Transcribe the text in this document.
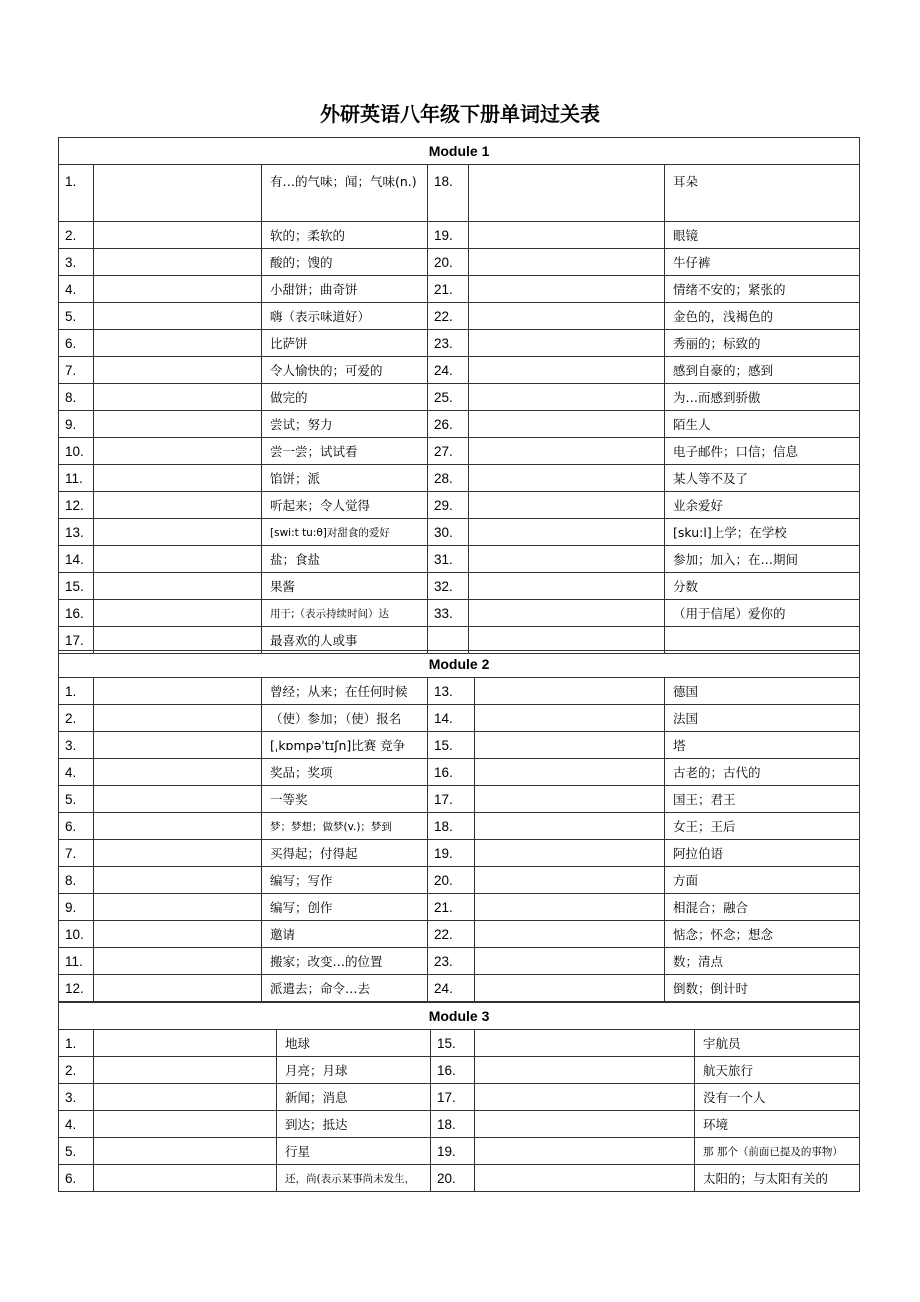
外研英语八年级下册单词过关表
Module 1					
1.		有…的气味；闻；气味(n.)	18.		耳朵
2.		软的；柔软的	19.		眼镜
3.		酸的；馊的	20.		牛仔裤
4.		小甜饼；曲奇饼	21.		情绪不安的；紧张的
5.		嗨（表示味道好）	22.		金色的，浅褐色的
6.		比萨饼	23.		秀丽的；标致的
7.		令人愉快的；可爱的	24.		感到自豪的；感到
8.		做完的	25.		为…而感到骄傲
9.		尝试；努力	26.		陌生人
10.		尝一尝；试试看	27.		电子邮件；口信；信息
11.		馅饼；派	28.		某人等不及了
12.		听起来；令人觉得	29.		业余爱好
13.		[swi:t tu:θ]对甜食的爱好	30.		[sku:l]上学；在学校
14.		盐；食盐	31.		参加；加入；在…期间
15.		果酱	32.		分数
16.		用于;（表示持续时间）达	33.		（用于信尾）爱你的
17.		最喜欢的人或事			
Module 2					
1.		曾经；从来；在任何时候	13.		德国
2.		（使）参加；（使）报名	14.		法国
3.		[ˌkɒmpəˈtɪʃn]比赛 竞争	15.		塔
4.		奖品；奖项	16.		古老的；古代的
5.		一等奖	17.		国王；君王
6.		梦；梦想；做梦(v.)；梦到	18.		女王；王后
7.		买得起；付得起	19.		阿拉伯语
8.		编写；写作	20.		方面
9.		编写；创作	21.		相混合；融合
10.		邀请	22.		惦念；怀念；想念
11.		搬家；改变…的位置	23.		数；清点
12.		派遣去；命令…去	24.		倒数；倒计时
Module 3					
1.		地球	15.		宇航员
2.		月亮；月球	16.		航天旅行
3.		新闻；消息	17.		没有一个人
4.		到达；抵达	18.		环境
5.		行星	19.		那 那个（前面已提及的事物）
6.		还，尚(表示某事尚未发生，	20.		太阳的；与太阳有关的
